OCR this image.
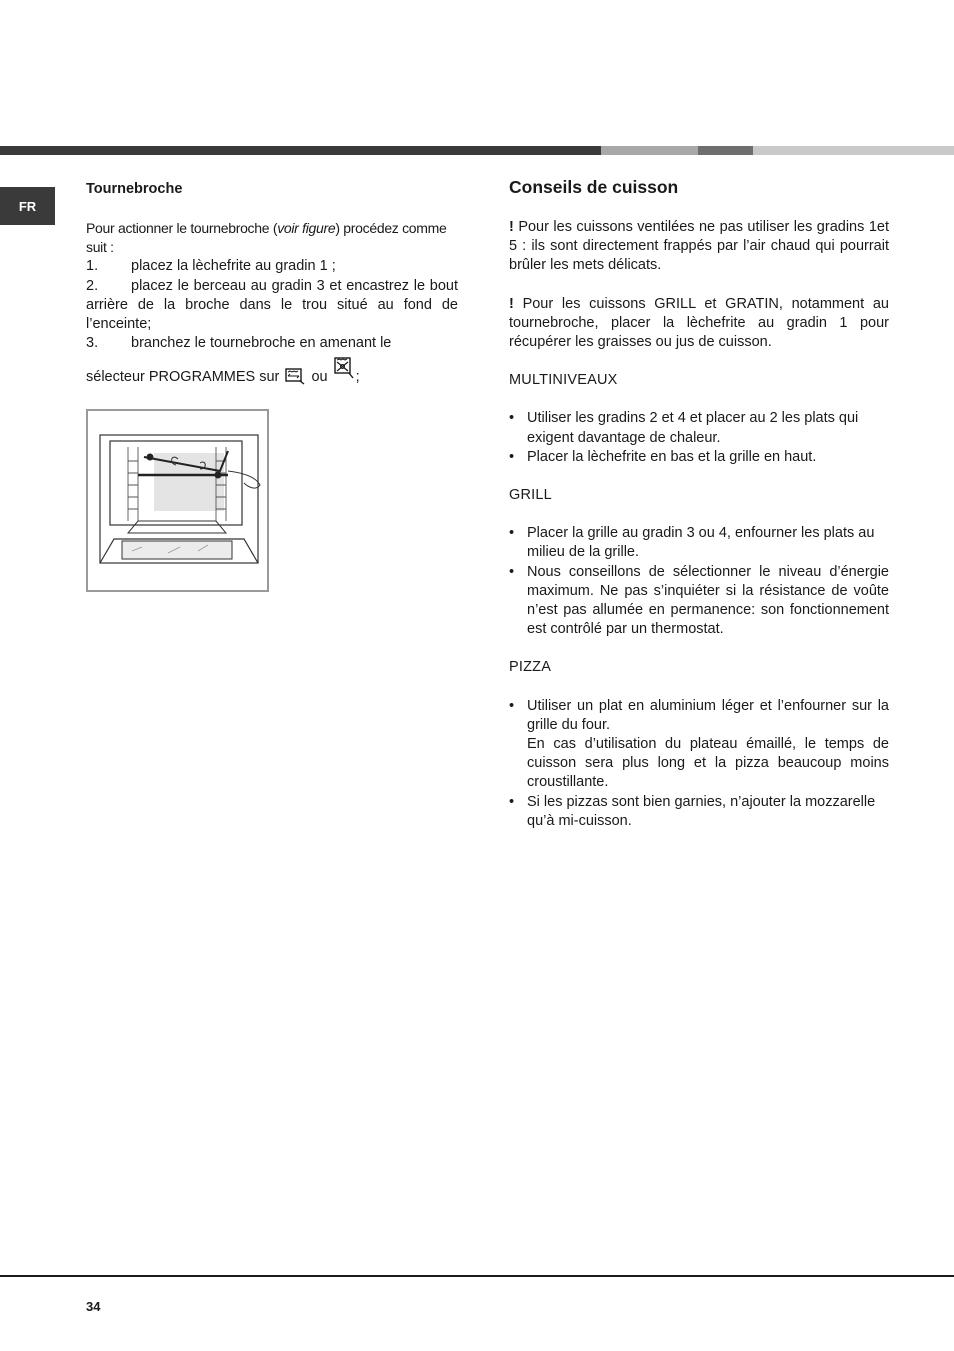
FR

Tournebroche

Pour actionner le tournebroche (voir figure) procédez comme suit :

1. placez la lèchefrite au gradin 1 ;

2. placez le berceau au gradin 3 et encastrez le bout arrière de la broche dans le trou situé au fond de l’enceinte;

3. branchez le tournebroche en amenant le

sélecteur PROGRAMMES sur ou ;

Conseils de cuisson

! Pour les cuissons ventilées ne pas utiliser les gradins 1et 5 : ils sont directement frappés par l’air chaud qui pourrait brûler les mets délicats.

! Pour les cuissons GRILL et GRATIN, notamment au tournebroche, placer la lèchefrite au gradin 1 pour récupérer les graisses ou jus de cuisson.

MULTINIVEAUX

• Utiliser les gradins 2 et 4 et placer au 2 les plats qui exigent davantage de chaleur.
• Placer la lèchefrite en bas et la grille en haut.

GRILL

• Placer la grille au gradin 3 ou 4, enfourner les plats au milieu de la grille.
• Nous conseillons de sélectionner le niveau d’énergie maximum. Ne pas s’inquiéter si la résistance de voûte n’est pas allumée en permanence: son fonctionnement est contrôlé par un thermostat.

PIZZA

• Utiliser un plat en aluminium léger et l’enfourner sur la grille du four.
En cas d’utilisation du plateau émaillé, le temps de cuisson sera plus long et la pizza beaucoup moins croustillante.
• Si les pizzas sont bien garnies, n’ajouter la mozzarelle qu’à mi-cuisson.
34
